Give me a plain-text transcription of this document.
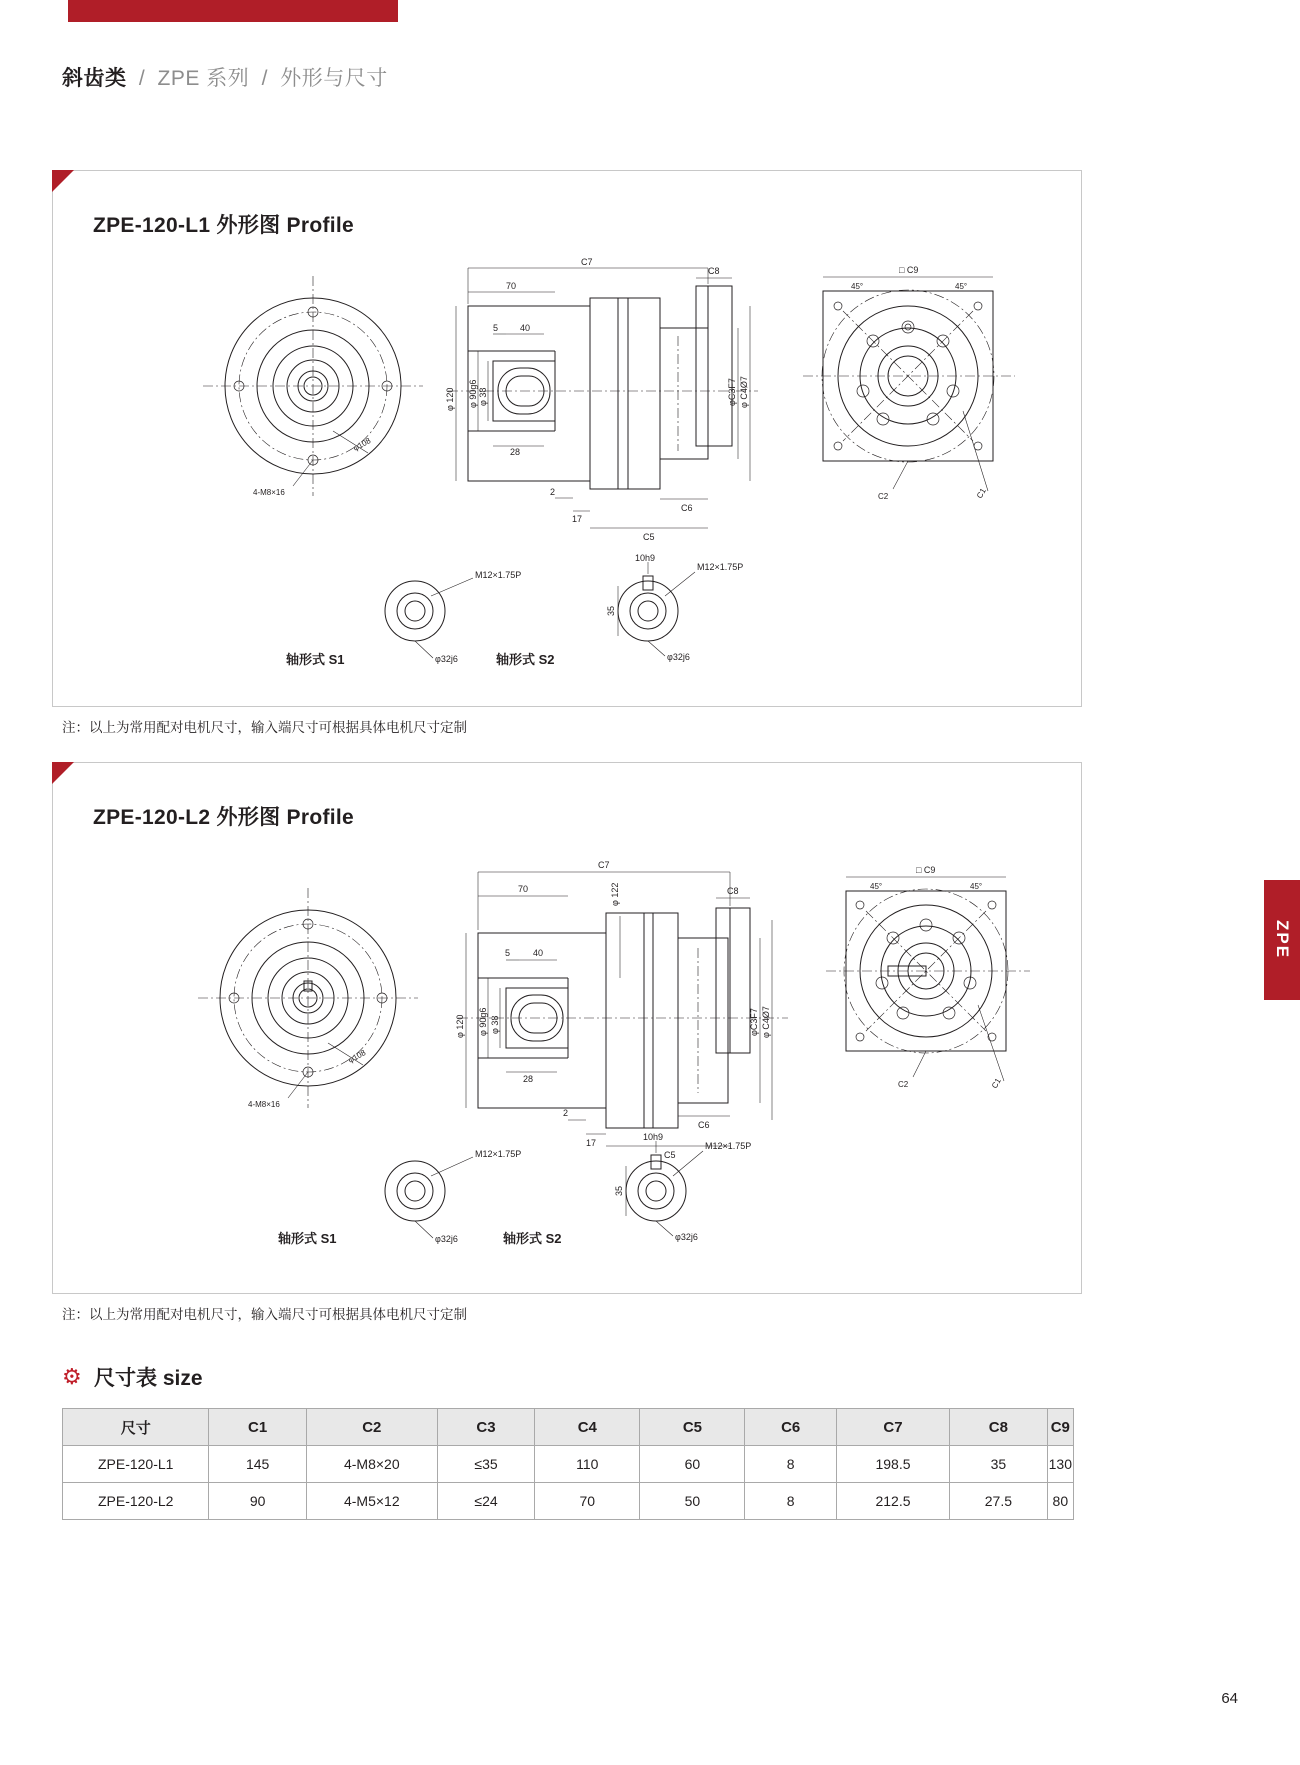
斜齿类 / ZPE 系列 / 外形与尺寸
ZPE
ZPE-120-L1 外形图 Profile
φ108
4-M8×16
C7
70
40
5
28
2
17
C5
C6
C8
φ 120 φ 90g6 φ 38	φC3F7 φ C4Ø7
45°	45°
□ C9
C2	C1
M12×1.75P
φ32j6
轴形式 S1
10h9
35
M12×1.75P
φ32j6
轴形式 S2
注：以上为常用配对电机尺寸，输入端尺寸可根据具体电机尺寸定制
ZPE-120-L2 外形图 Profile
φ108
4-M8×16
C7
70	φ 122
40
5
28
2
17
C5
C6
C8
φ 120 φ 90g6 φ 38	φC3F7 φ C4Ø7
45°	45°
□ C9
C2	C1
M12×1.75P
φ32j6
轴形式 S1
10h9
35
M12×1.75P
φ32j6
轴形式 S2
注：以上为常用配对电机尺寸，输入端尺寸可根据具体电机尺寸定制
⚙ 尺寸表 size
尺寸	C1	C2	C3	C4	C5	C6	C7	C8	C9
ZPE-120-L1	145	4-M8×20	≤35	110	60	8	198.5	35	130
ZPE-120-L2	90	4-M5×12	≤24	70	50	8	212.5	27.5	80
64
